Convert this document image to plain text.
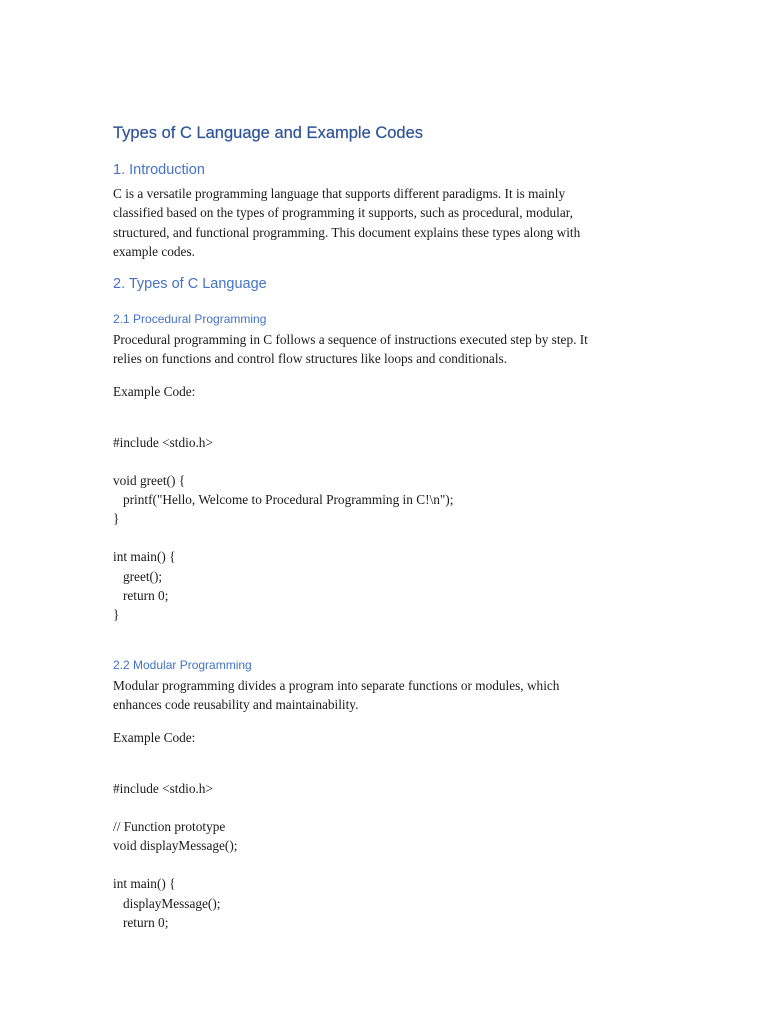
Types of C Language and Example Codes
1. Introduction

C is a versatile programming language that supports different paradigms. It is mainly
classified based on the types of programming it supports, such as procedural, modular,
structured, and functional programming. This document explains these types along with
example codes.

2. Types of C Language
2.1 Procedural Programming

Procedural programming in C follows a sequence of instructions executed step by step. It
relies on functions and control flow structures like loops and conditionals.

Example Code:

#include <stdio.h>

void greet() {

printf("Hello, Welcome to Procedural Programming in C!\n");

}

int main() {

greet();

return 0;

}

2.2 Modular Programming

Modular programming divides a program into separate functions or modules, which
enhances code reusability and maintainability.

Example Code:

#include <stdio.h>

// Function prototype

void displayMessage();

int main() {

displayMessage();

return 0;
